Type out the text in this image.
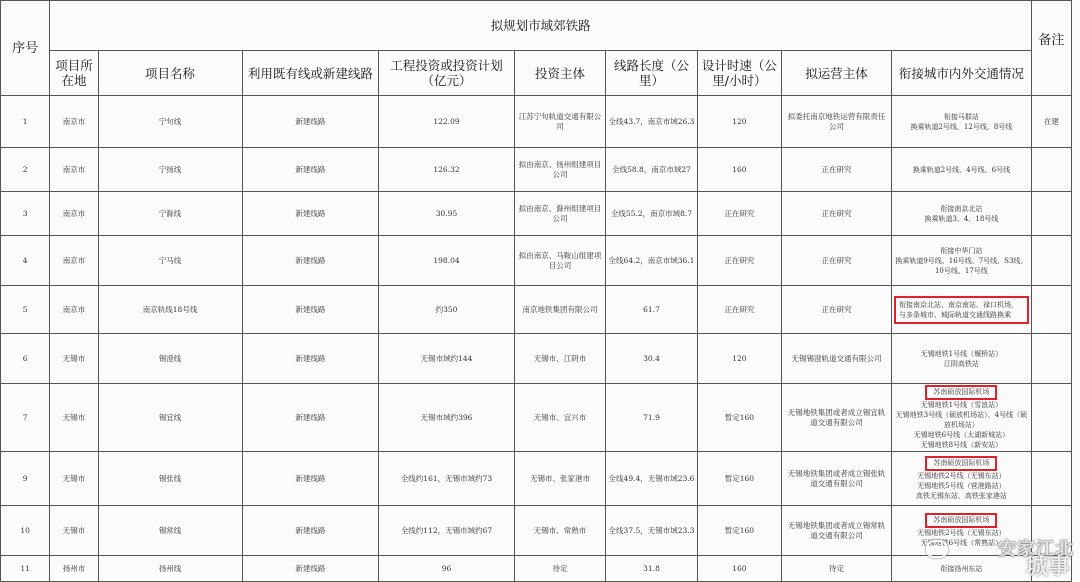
序号	拟规划市域郊铁路									备注
	项目所在地	项目名称	利用既有线或新建线路	工程投资或投资计划（亿元）	投资主体	线路长度（公里）	设计时速（公里/小时）	拟运营主体	衔接城市内外交通情况	
1	南京市	宁句线	新建线路	122.09	江苏宁句轨道交通有限公司	全线43.7，南京市域26.3	120	拟委托南京地铁运营有限责任公司	衔接马群站
换乘轨道2号线、12号线、8号线	在建
2	南京市	宁扬线	新建线路	126.32	拟由南京、扬州组建项目公司	全线58.8，南京市域27	160	正在研究	换乘轨道2号线、4号线、6号线	

3	南京市	宁滁线	新建线路	30.95	拟由南京、滁州组建项目公司	全线55.2，南京市域8.7	正在研究	正在研究	衔接南京北站
换乘轨道3、4、18号线	

4	南京市	宁马线	新建线路	198.04	拟由南京、马鞍山组建项目公司	全线64.2，南京市域36.1	正在研究	正在研究	衔接中华门站
换乘轨道9号线、16号线、7号线、S3线、10号线、17号线	

5	南京市	南京轨线18号线	新建线路	约350	南京地铁集团有限公司	61.7	正在研究	正在研究	衔接南京北站、南京南站、禄口机场，与多条城市、城际轨道交通线路换乘	
6	无锡市	锡澄线	新建线路	无锡市域约144	无锡市、江阴市	30.4	120	无锡锡澄轨道交通有限公司	无锡地铁1号线（堰桥站）
江阴高铁站	

7	无锡市	锡宜线	新建线路	无锡市域约396	无锡市、宜兴市	71.9	暂定160	无锡地铁集团或者成立锡宜轨道交通有限公司	苏南硕放国际机场
无锡地铁1号线（雪浪站）
无锡地铁3号线（硕放机场站）、4号线（硕放机场站）
无锡地铁6号线（太湖新城站）
无锡地铁8号线（新安站）	

9	无锡市	锡张线	新建线路	全线约161，无锡市域约73	无锡市、张家港市	全线49.4，无锡市域23.6	暂定160	无锡地铁集团或者成立锡张轨道交通有限公司	苏南硕放国际机场
无锡地铁2号线（无锡东站）
无锡地铁5号线（营港路站）
高铁无锡东站、高铁张家港站	

10	无锡市	锡常线	新建线路	全线约112，无锡市域约67	无锡市、常熟市	全线37.5，无锡市域23.3	暂定160	无锡地铁集团或者成立锡常轨道交通有限公司	苏南硕放国际机场
无锡地铁2号线（无锡东站）
无锡地铁6号线（常熟站）	

11	扬州市	扬州线	新建线路	96	待定	31.8	160	待定	衔接扬州东站	

安家江北
城事
